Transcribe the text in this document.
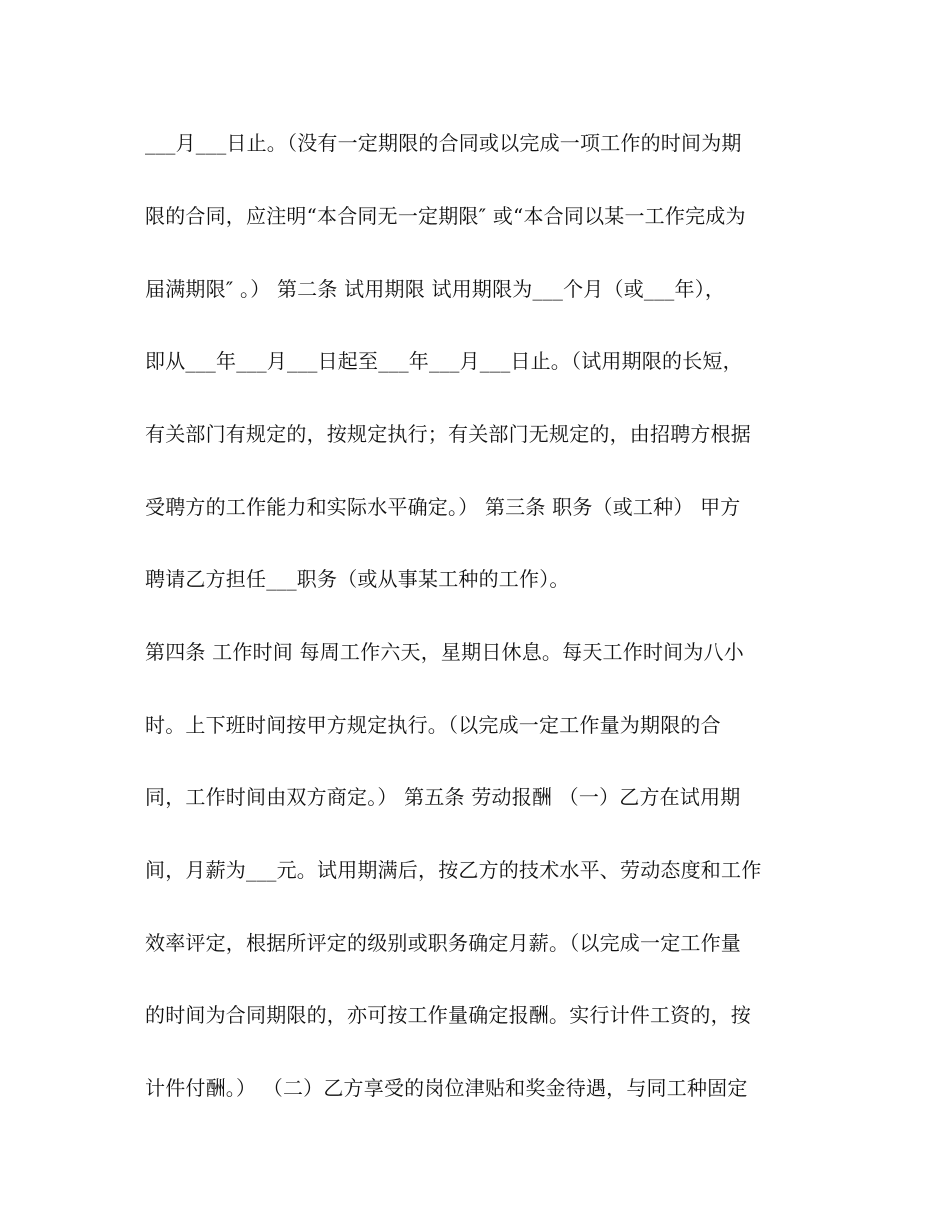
___月___日止。（没有一定期限的合同或以完成一项工作的时间为期
限的合同，应注明“本合同无一定期限″ 或“本合同以某一工作完成为
届满期限″ 。） 第二条 试用期限 试用期限为___个月（或___年），
即从___年___月___日起至___年___月___日止。（试用期限的长短，
有关部门有规定的，按规定执行；有关部门无规定的，由招聘方根据
受聘方的工作能力和实际水平确定。） 第三条 职务（或工种） 甲方
聘请乙方担任___职务（或从事某工种的工作）。
第四条 工作时间 每周工作六天，星期日休息。每天工作时间为八小
时。上下班时间按甲方规定执行。（以完成一定工作量为期限的合
同，工作时间由双方商定。） 第五条 劳动报酬 （一）乙方在试用期
间，月薪为___元。试用期满后，按乙方的技术水平、劳动态度和工作
效率评定，根据所评定的级别或职务确定月薪。（以完成一定工作量
的时间为合同期限的，亦可按工作量确定报酬。实行计件工资的，按
计件付酬。） （二）乙方享受的岗位津贴和奖金待遇，与同工种固定
